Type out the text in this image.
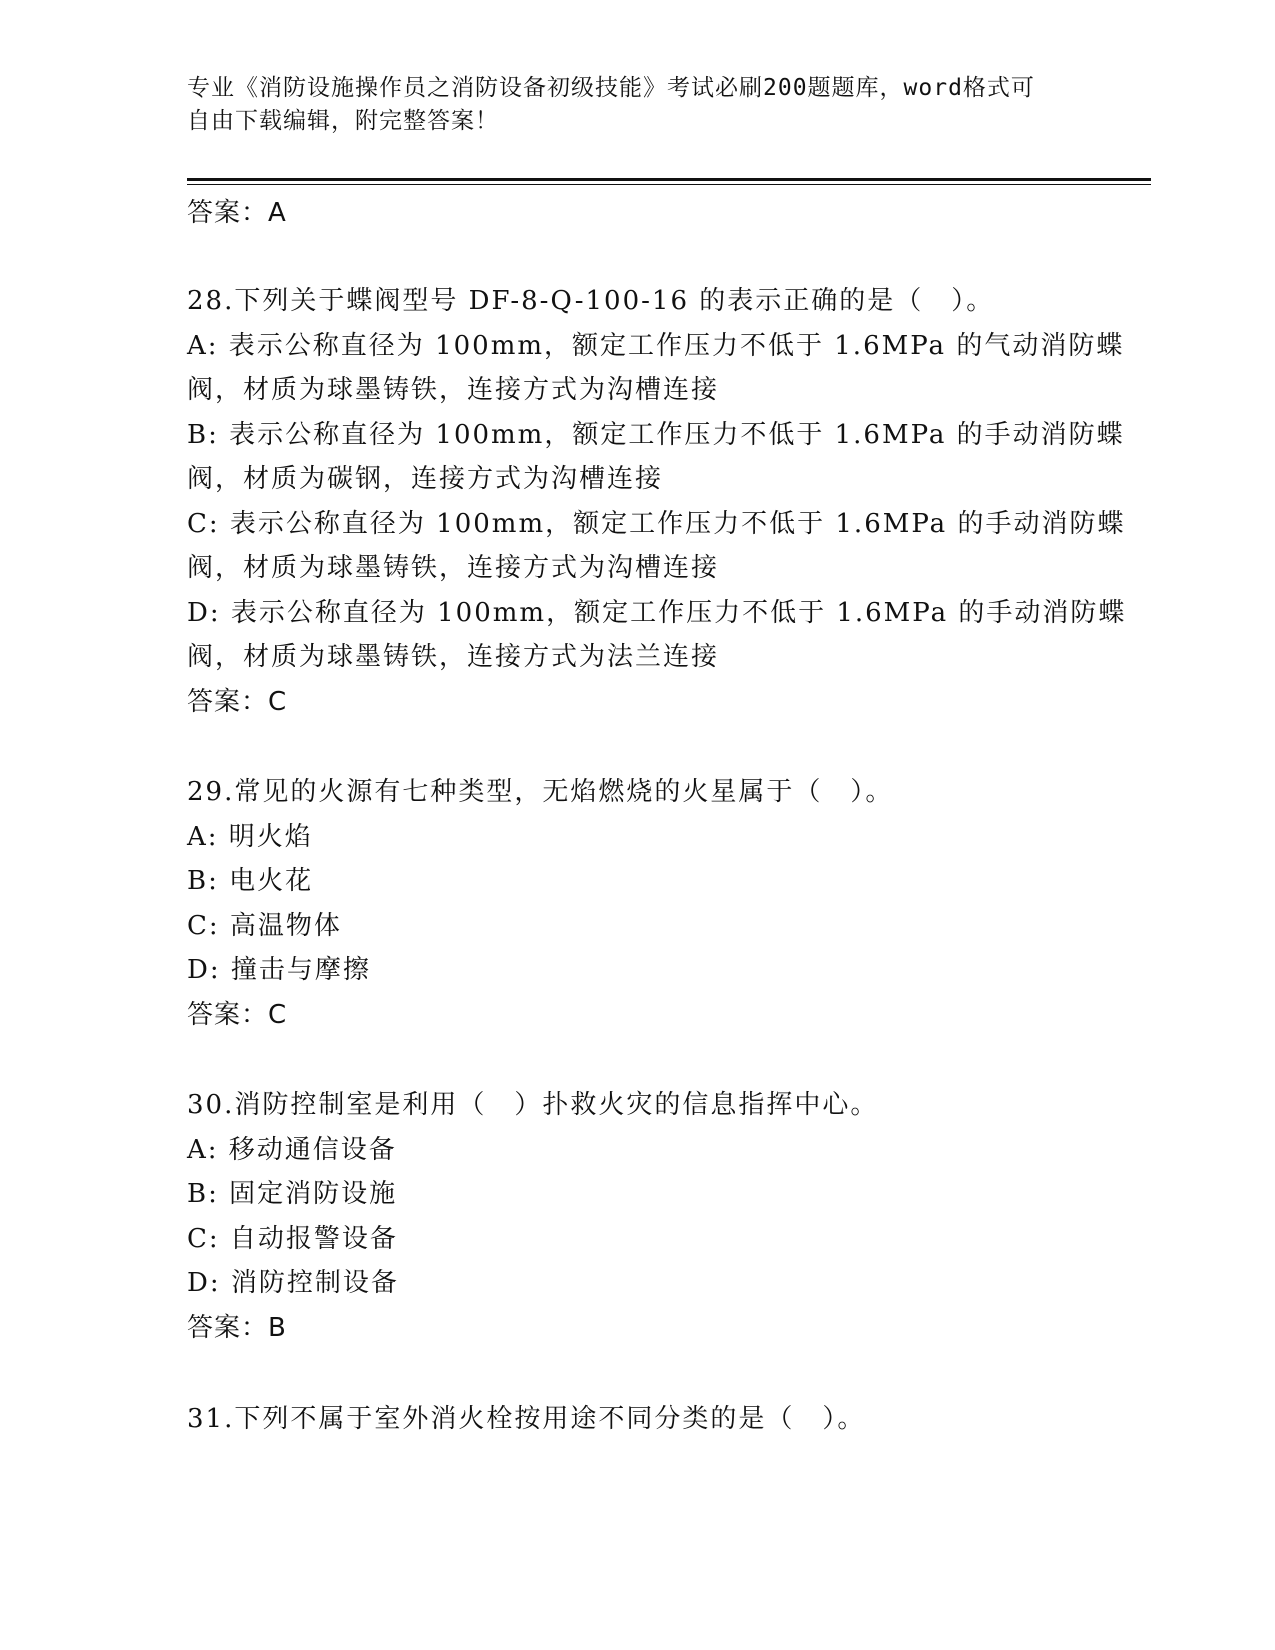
专业《消防设施操作员之消防设备初级技能》考试必刷200题题库，word格式可
自由下载编辑，附完整答案！
答案：A
28.下列关于蝶阀型号 DF-8-Q-100-16 的表示正确的是（　）。
A: 表示公称直径为 100mm，额定工作压力不低于 1.6MPa 的气动消防蝶
阀，材质为球墨铸铁，连接方式为沟槽连接
B: 表示公称直径为 100mm，额定工作压力不低于 1.6MPa 的手动消防蝶
阀，材质为碳钢，连接方式为沟槽连接
C: 表示公称直径为 100mm，额定工作压力不低于 1.6MPa 的手动消防蝶
阀，材质为球墨铸铁，连接方式为沟槽连接
D: 表示公称直径为 100mm，额定工作压力不低于 1.6MPa 的手动消防蝶
阀，材质为球墨铸铁，连接方式为法兰连接
答案：C
29.常见的火源有七种类型，无焰燃烧的火星属于（　）。
A: 明火焰
B: 电火花
C: 高温物体
D: 撞击与摩擦
答案：C
30.消防控制室是利用（　）扑救火灾的信息指挥中心。
A: 移动通信设备
B: 固定消防设施
C: 自动报警设备
D: 消防控制设备
答案：B
31.下列不属于室外消火栓按用途不同分类的是（　）。
